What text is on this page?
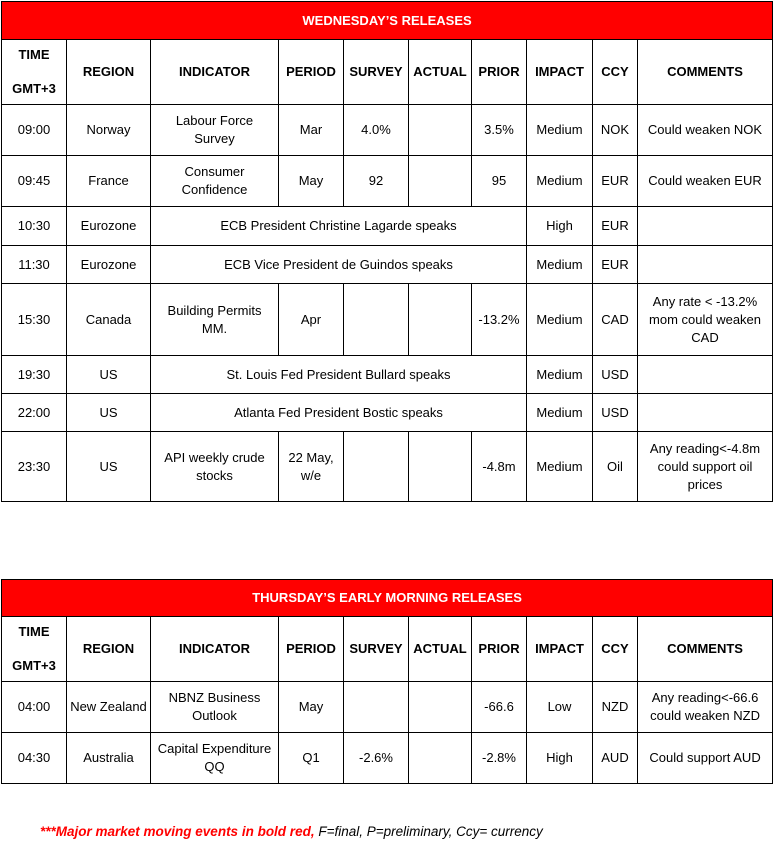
WEDNESDAY’S RELEASES									

TIME
GMT+3	REGION	INDICATOR	PERIOD	SURVEY	ACTUAL	PRIOR	IMPACT	CCY	COMMENTS
09:00	Norway	Labour Force Survey	Mar	4.0%		3.5%	Medium	NOK	Could weaken NOK
09:45	France	Consumer Confidence	May	92		95	Medium	EUR	Could weaken EUR
10:30	Eurozone	ECB President Christine Lagarde speaks					High	EUR	
11:30	Eurozone	ECB Vice President de Guindos speaks					Medium	EUR	
15:30	Canada	Building Permits MM.	Apr			-13.2%	Medium	CAD	Any rate < -13.2% mom could weaken CAD
19:30	US	St. Louis Fed President Bullard speaks					Medium	USD	
22:00	US	Atlanta Fed President Bostic speaks					Medium	USD	
23:30	US	API weekly crude stocks	22 May, w/e			-4.8m	Medium	Oil	Any reading<-4.8m could support oil prices
THURSDAY’S EARLY MORNING RELEASES									

TIME
GMT+3	REGION	INDICATOR	PERIOD	SURVEY	ACTUAL	PRIOR	IMPACT	CCY	COMMENTS
04:00	New Zealand	NBNZ Business Outlook	May			-66.6	Low	NZD	Any reading<-66.6 could weaken NZD
04:30	Australia	Capital Expenditure QQ	Q1	-2.6%		-2.8%	High	AUD	Could support AUD
***Major market moving events in bold red, F=final, P=preliminary, Ccy= currency
